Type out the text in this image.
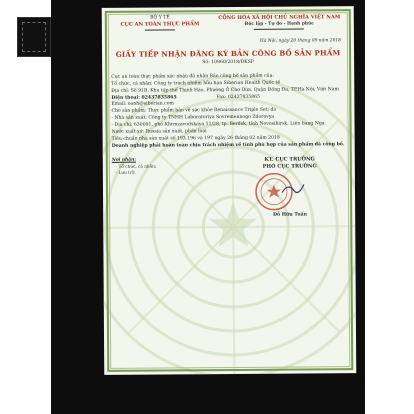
BỘ Y TẾ
CỤC AN TOÀN THỰC PHẨM
CỘNG HÒA XÃ HỘI CHỦ NGHĨA VIỆT NAM
Độc lập - Tự do - Hạnh phúc
Hà Nội, ngày 20 tháng 09 năm 2018
GIẤY TIẾP NHẬN ĐĂNG KÝ BẢN CÔNG BỐ SẢN PHẨM
Số: 10960/2018/ĐKSP

Cục an toàn thực phẩm xác nhận đã nhận Bản công bố sản phẩm của:

Tổ chức, cá nhân: Công ty trách nhiệm hữu hạn Siberian Health Quốc tế

Địa chỉ: Số 91B, Khu tập thể Thịnh Hào, Phường Ô Chợ Dừa, Quận Đống Đa, TP.Hà Nội, Việt Nam

Điện thoại: 02437835865	Fax: 02437835865

Email: oanh@siberian.com

Cho sản phẩm: Thực phẩm bảo vệ sức khỏe Renaissance Triple Set; do

- Nhà sản xuất: Công ty TNHH Laboratoriya Sovremennogo Zdorovya

- Địa chỉ: 630091, phố Khrmzavodskaya 11/28, tp. Berdsk, tỉnh Novosibirsk, Liên bang Nga.

Nước xuất xứ: Russia sản xuất, phân loại

Tiêu chuẩn nhà sản xuất số 193.196 và 197 ngày 26 tháng 02 năm 2018

Doanh nghiệp phải hoàn toàn chịu trách nhiệm về tính phù hợp của sản phẩm đã công bố.

Nơi nhận:
- Tổ chức, cá nhân;
- Lưu trữ.
KT. CỤC TRƯỞNG
PHÓ CỤC TRƯỞNG
Đỗ Hữu Tuấn
